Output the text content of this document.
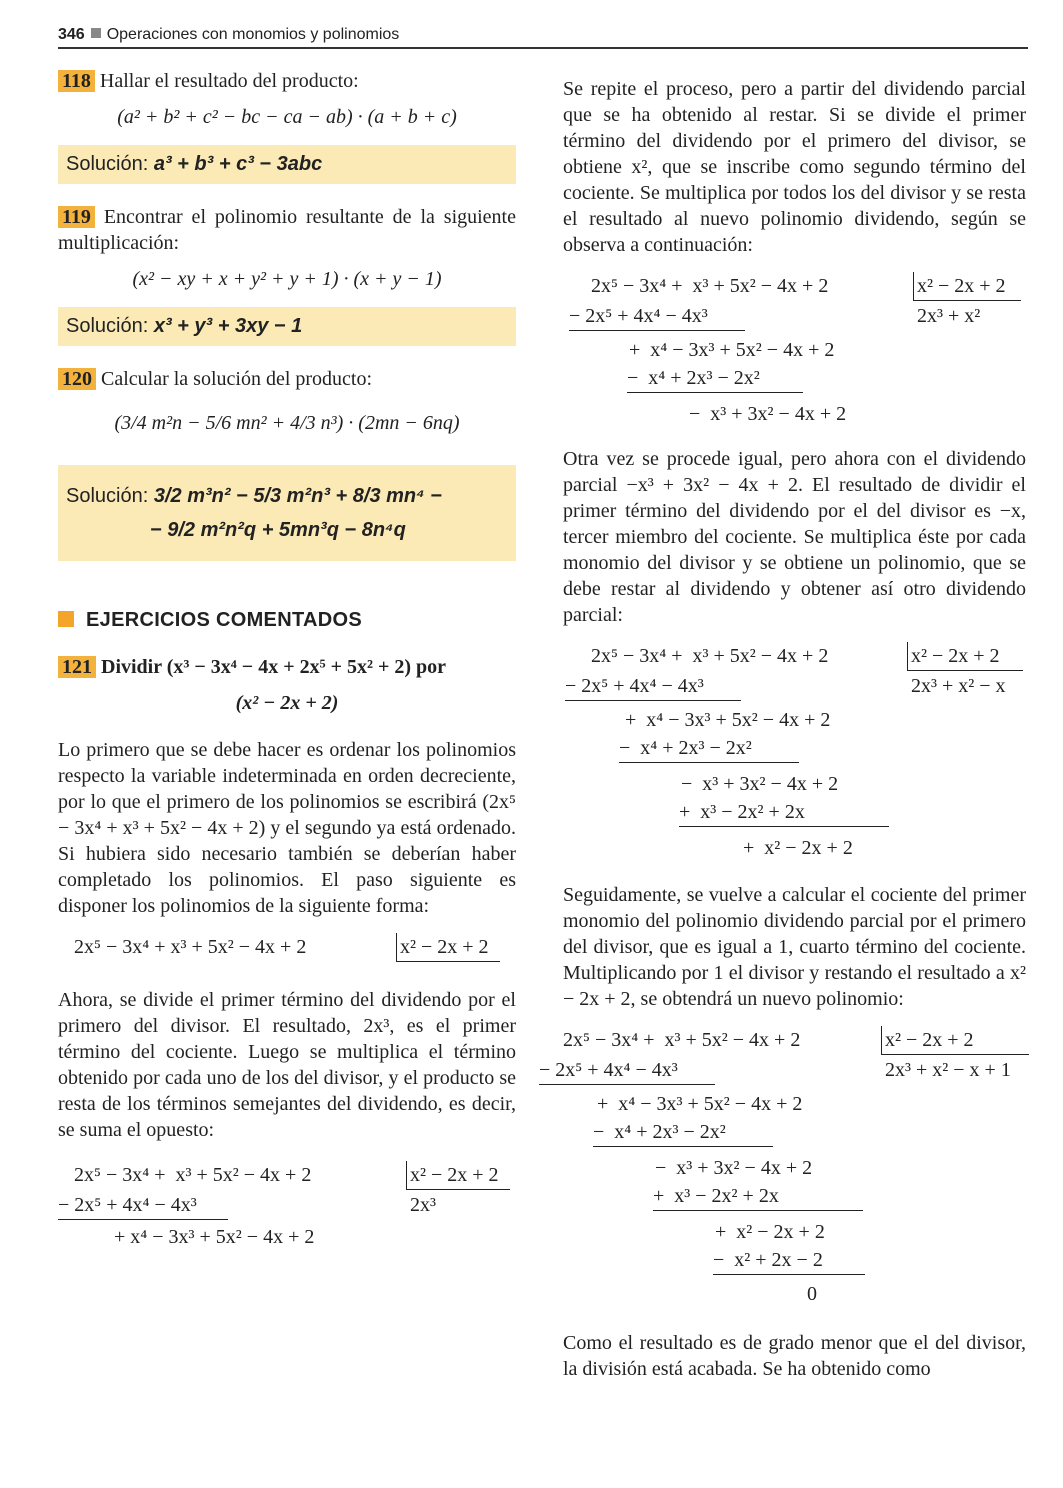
346 Operaciones con monomios y polinomios

118 Hallar el resultado del producto:

(a² + b² + c² − bc − ca − ab) · (a + b + c)
Solución: a³ + b³ + c³ − 3abc

119 Encontrar el polinomio resultante de la siguiente multiplicación:

(x² − xy + x + y² + y + 1) · (x + y − 1)
Solución: x³ + y³ + 3xy − 1

120 Calcular la solución del producto:

(3/4 m²n − 5/6 mn² + 4/3 n³) · (2mn − 6nq)
Solución: 3/2 m³n² − 5/3 m²n³ + 8/3 mn⁴ −
− 9/2 m²n²q + 5mn³q − 8n⁴q
EJERCICIOS COMENTADOS

121 Dividir (x³ − 3x⁴ − 4x + 2x⁵ + 5x² + 2) por

(x² − 2x + 2)

Lo primero que se debe hacer es ordenar los polinomios respecto la variable indeterminada en orden decreciente, por lo que el primero de los polinomios se escribirá (2x⁵ − 3x⁴ + x³ + 5x² − 4x + 2) y el segundo ya está ordenado. Si hubiera sido necesario también se deberían haber completado los polinomios. El paso siguiente es disponer los polinomios de la siguiente forma:

2x⁵ − 3x⁴ + x³ + 5x² − 4x + 2

	x² − 2x + 2

Ahora, se divide el primer término del dividendo por el primero del divisor. El resultado, 2x³, es el primer término del cociente. Luego se multiplica el término obtenido por cada uno de los del divisor, y el producto se resta de los términos semejantes del dividendo, es decir, se suma el opuesto:

2x⁵ − 3x⁴ +  x³ + 5x² − 4x + 2

	x² − 2x + 2

− 2x⁵ + 4x⁴ − 4x³

	2x³

+ x⁴ − 3x³ + 5x² − 4x + 2

Se repite el proceso, pero a partir del dividendo parcial que se ha obtenido al restar. Si se divide el primer término del dividendo por el primero del divisor, se obtiene x², que se inscribe como segundo término del cociente. Se multiplica por todos los del divisor y se resta el resultado al nuevo polinomio dividendo, según se observa a continuación:

2x⁵ − 3x⁴ +  x³ + 5x² − 4x + 2

	x² − 2x + 2

− 2x⁵ + 4x⁴ − 4x³

	2x³ + x²

+  x⁴ − 3x³ + 5x² − 4x + 2

−  x⁴ + 2x³ − 2x²

−  x³ + 3x² − 4x + 2

Otra vez se procede igual, pero ahora con el dividendo parcial −x³ + 3x² − 4x + 2. El resultado de dividir el primer término del dividendo por el del divisor es −x, tercer miembro del cociente. Se multiplica éste por cada monomio del divisor y se obtiene un polinomio, que se debe restar al dividendo y obtener así otro dividendo parcial:

2x⁵ − 3x⁴ +  x³ + 5x² − 4x + 2

	x² − 2x + 2

− 2x⁵ + 4x⁴ − 4x³

	2x³ + x² − x

+  x⁴ − 3x³ + 5x² − 4x + 2

−  x⁴ + 2x³ − 2x²

−  x³ + 3x² − 4x + 2

+  x³ − 2x² + 2x

+  x² − 2x + 2

Seguidamente, se vuelve a calcular el cociente del primer monomio del polinomio dividendo parcial por el primero del divisor, que es igual a 1, cuarto término del cociente. Multiplicando por 1 el divisor y restando el resultado a x² − 2x + 2, se obtendrá un nuevo polinomio:

2x⁵ − 3x⁴ +  x³ + 5x² − 4x + 2

	x² − 2x + 2

− 2x⁵ + 4x⁴ − 4x³

	2x³ + x² − x + 1

+  x⁴ − 3x³ + 5x² − 4x + 2

−  x⁴ + 2x³ − 2x²

−  x³ + 3x² − 4x + 2

+  x³ − 2x² + 2x

+  x² − 2x + 2

−  x² + 2x − 2

0

Como el resultado es de grado menor que el del divisor, la división está acabada. Se ha obtenido como
